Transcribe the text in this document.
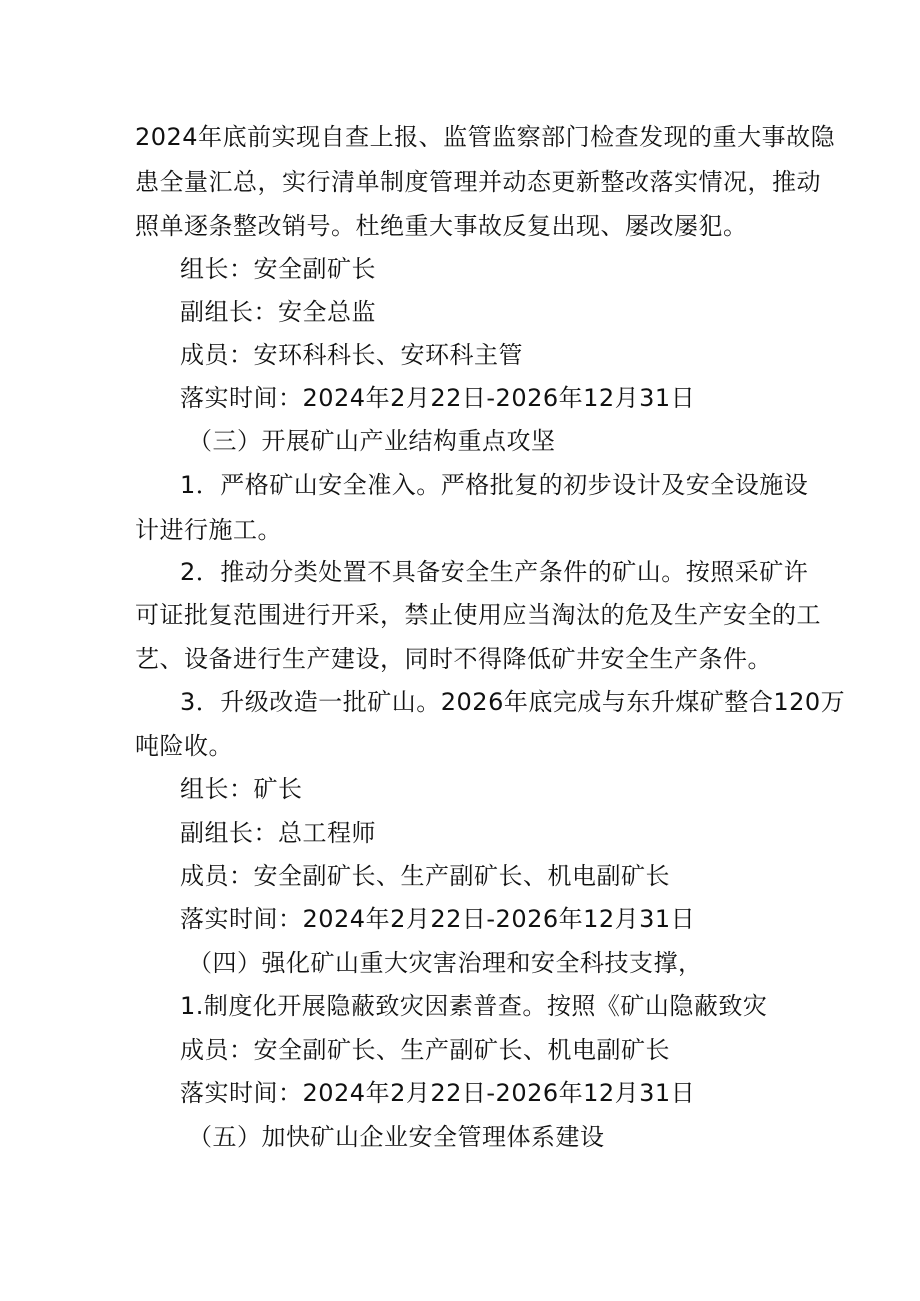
2024年底前实现自查上报、监管监察部门检查发现的重大事故隐
患全量汇总，实行清单制度管理并动态更新整改落实情况，推动
照单逐条整改销号。杜绝重大事故反复出现、屡改屡犯。
组长：安全副矿长
副组长：安全总监
成员：安环科科长、安环科主管
落实时间：2024年2月22日-2026年12月31日
（三）开展矿山产业结构重点攻坚
1．严格矿山安全准入。严格批复的初步设计及安全设施设
计进行施工。
2．推动分类处置不具备安全生产条件的矿山。按照采矿许
可证批复范围进行开采，禁止使用应当淘汰的危及生产安全的工
艺、设备进行生产建设，同时不得降低矿井安全生产条件。
3．升级改造一批矿山。2026年底完成与东升煤矿整合120万
吨险收。
组长：矿长
副组长：总工程师
成员：安全副矿长、生产副矿长、机电副矿长
落实时间：2024年2月22日-2026年12月31日
（四）强化矿山重大灾害治理和安全科技支撑，
1.制度化开展隐蔽致灾因素普查。按照《矿山隐蔽致灾
成员：安全副矿长、生产副矿长、机电副矿长
落实时间：2024年2月22日-2026年12月31日
（五）加快矿山企业安全管理体系建设
